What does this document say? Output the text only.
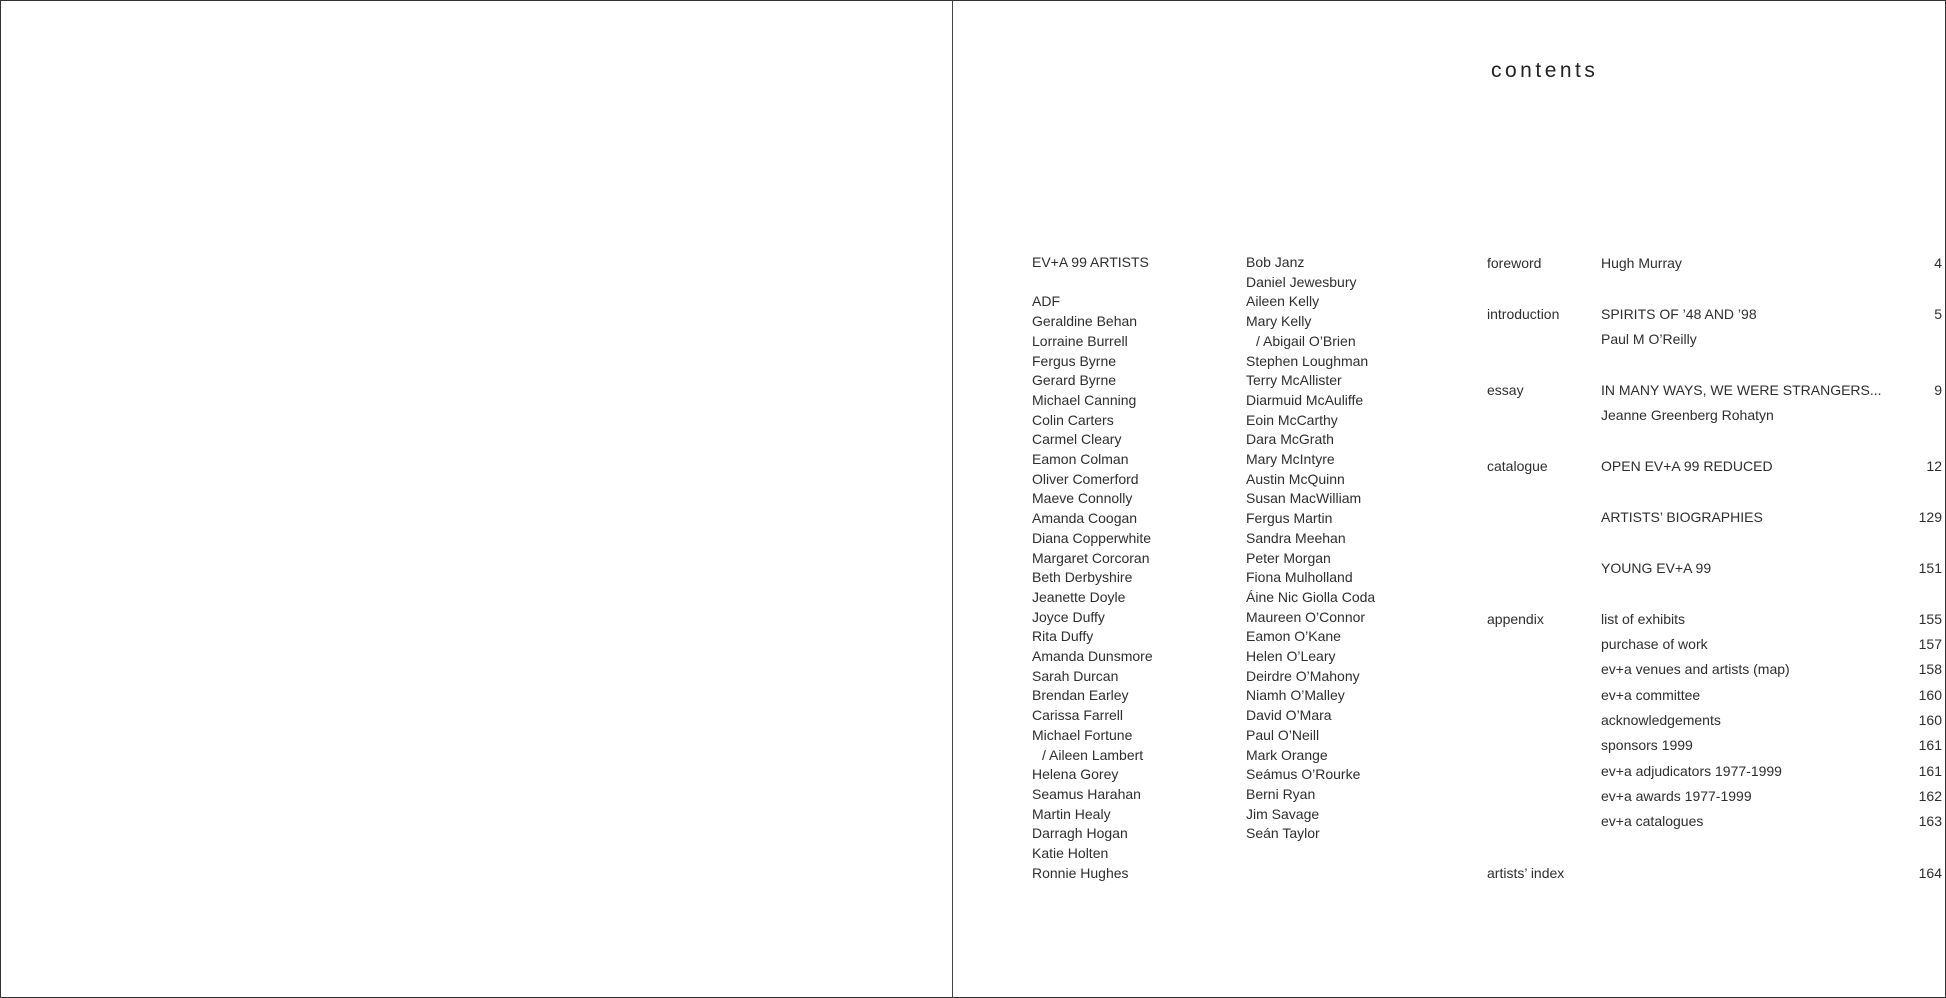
contents
EV+A 99 ARTISTS
ADF
Geraldine Behan
Lorraine Burrell
Fergus Byrne
Gerard Byrne
Michael Canning
Colin Carters
Carmel Cleary
Eamon Colman
Oliver Comerford
Maeve Connolly
Amanda Coogan
Diana Copperwhite
Margaret Corcoran
Beth Derbyshire
Jeanette Doyle
Joyce Duffy
Rita Duffy
Amanda Dunsmore
Sarah Durcan
Brendan Earley
Carissa Farrell
Michael Fortune
/ Aileen Lambert
Helena Gorey
Seamus Harahan
Martin Healy
Darragh Hogan
Katie Holten
Ronnie Hughes
Bob Janz
Daniel Jewesbury
Aileen Kelly
Mary Kelly
/ Abigail O’Brien
Stephen Loughman
Terry McAllister
Diarmuid McAuliffe
Eoin McCarthy
Dara McGrath
Mary McIntyre
Austin McQuinn
Susan MacWilliam
Fergus Martin
Sandra Meehan
Peter Morgan
Fiona Mulholland
Áine Nic Giolla Coda
Maureen O’Connor
Eamon O’Kane
Helen O’Leary
Deirdre O’Mahony
Niamh O’Malley
David O’Mara
Paul O’Neill
Mark Orange
Seámus O’Rourke
Berni Ryan
Jim Savage
Seán Taylor
foreword	Hugh Murray	4
introduction	SPIRITS OF ’48 AND ’98	5
Paul M O’Reilly
essay	IN MANY WAYS, WE WERE STRANGERS...	9
Jeanne Greenberg Rohatyn
catalogue	OPEN EV+A 99 REDUCED	12
ARTISTS’ BIOGRAPHIES	129
YOUNG EV+A 99	151
appendix	list of exhibits	155
purchase of work	157
ev+a venues and artists (map)	158
ev+a committee	160
acknowledgements	160
sponsors 1999	161
ev+a adjudicators 1977-1999	161
ev+a awards 1977-1999	162
ev+a catalogues	163
artists’ index	164
